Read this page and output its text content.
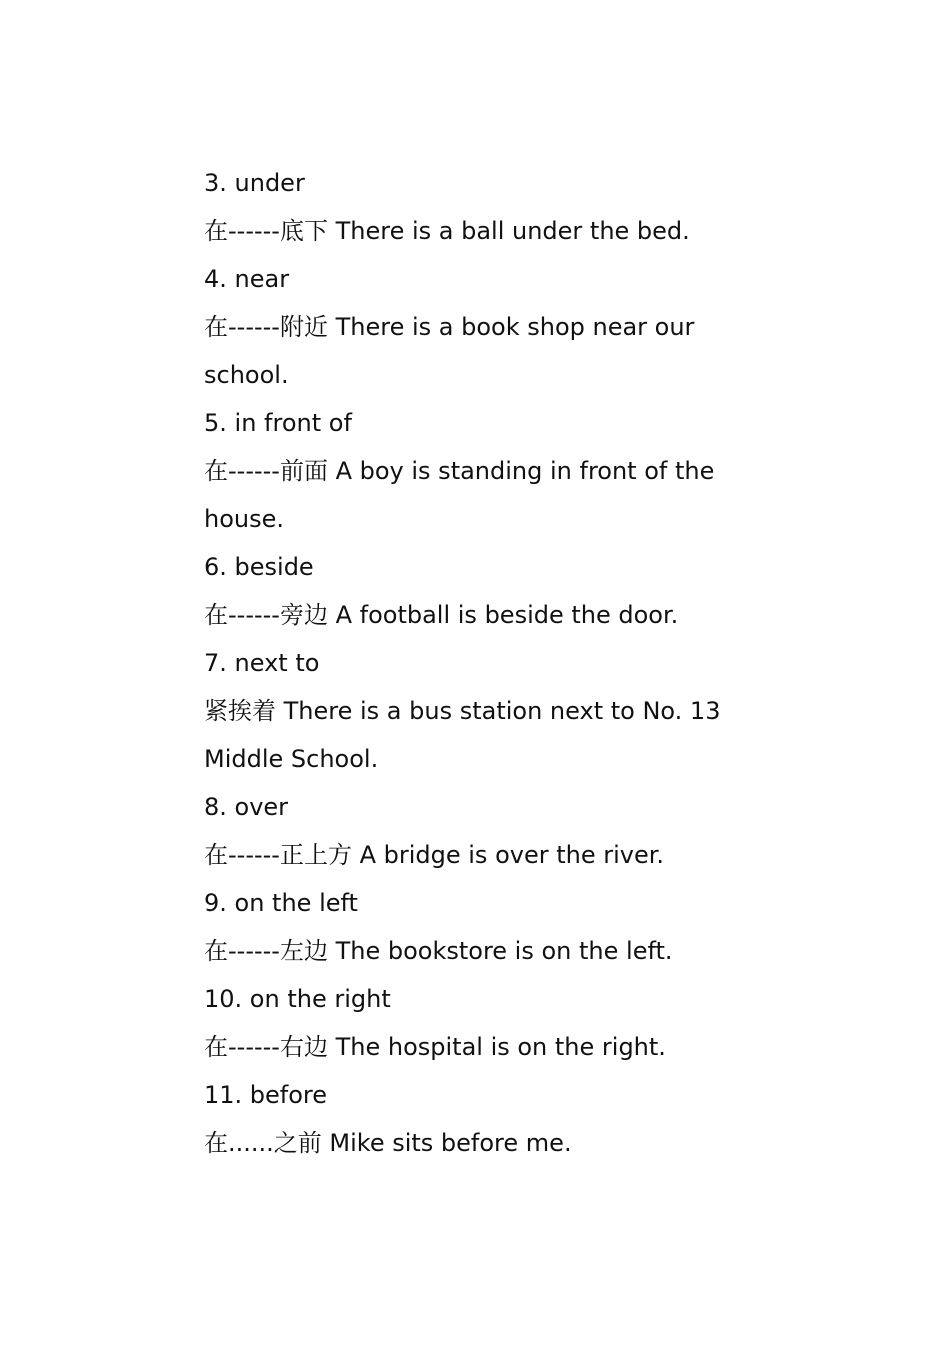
3. under
在------底下 There is a ball under the bed.
4. near
在------附近 There is a book shop near our
school.
5. in front of
在------前面 A boy is standing in front of the
house.
6. beside
在------旁边 A football is beside the door.
7. next to
紧挨着 There is a bus station next to No. 13
Middle School.
8. over
在------正上方 A bridge is over the river.
9. on the left
在------左边 The bookstore is on the left.
10. on the right
在------右边 The hospital is on the right.
11. before
在......之前 Mike sits before me.
